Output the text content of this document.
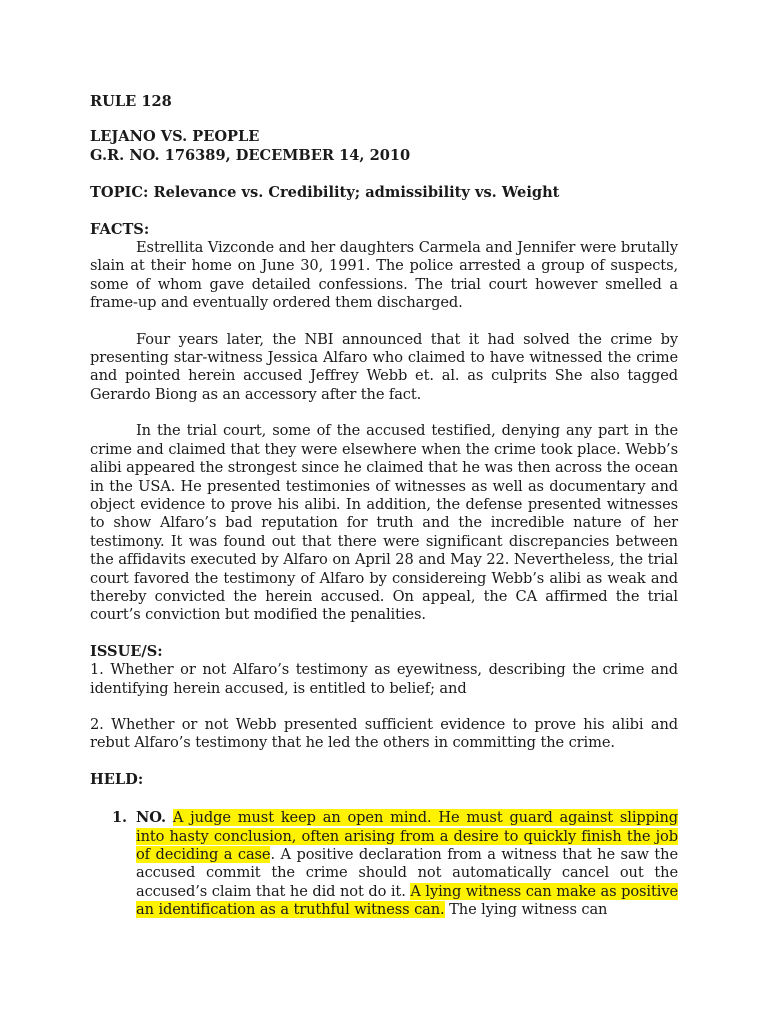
RULE 128
LEJANO VS. PEOPLE
G.R. NO. 176389, DECEMBER 14, 2010
TOPIC: Relevance vs. Credibility; admissibility vs. Weight
FACTS:

Estrellita Vizconde and her daughters Carmela and Jennifer were brutally slain at their home on June 30, 1991. The police arrested a group of suspects, some of whom gave detailed confessions. The trial court however smelled a frame-up and eventually ordered them discharged.

Four years later, the NBI announced that it had solved the crime by presenting star-witness Jessica Alfaro who claimed to have witnessed the crime and pointed herein accused Jeffrey Webb et. al. as culprits She also tagged Gerardo Biong as an accessory after the fact.

In the trial court, some of the accused testified, denying any part in the crime and claimed that they were elsewhere when the crime took place. Webb’s alibi appeared the strongest since he claimed that he was then across the ocean in the USA. He presented testimonies of witnesses as well as documentary and object evidence to prove his alibi. In addition, the defense presented witnesses to show Alfaro’s bad reputation for truth and the incredible nature of her testimony. It was found out that there were significant discrepancies between the affidavits executed by Alfaro on April 28 and May 22. Nevertheless, the trial court favored the testimony of Alfaro by considereing Webb’s alibi as weak and thereby convicted the herein accused. On appeal, the CA affirmed the trial court’s conviction but modified the penalities.

ISSUE/S:

1. Whether or not Alfaro’s testimony as eyewitness, describing the crime and identifying herein accused, is entitled to belief; and

2. Whether or not Webb presented sufficient evidence to prove his alibi and rebut Alfaro’s testimony that he led the others in committing the crime.

HELD:
1. NO. A judge must keep an open mind. He must guard against slipping into hasty conclusion, often arising from a desire to quickly finish the job of deciding a case. A positive declaration from a witness that he saw the accused commit the crime should not automatically cancel out the accused’s claim that he did not do it. A lying witness can make as positive an identification as a truthful witness can. The lying witness can
